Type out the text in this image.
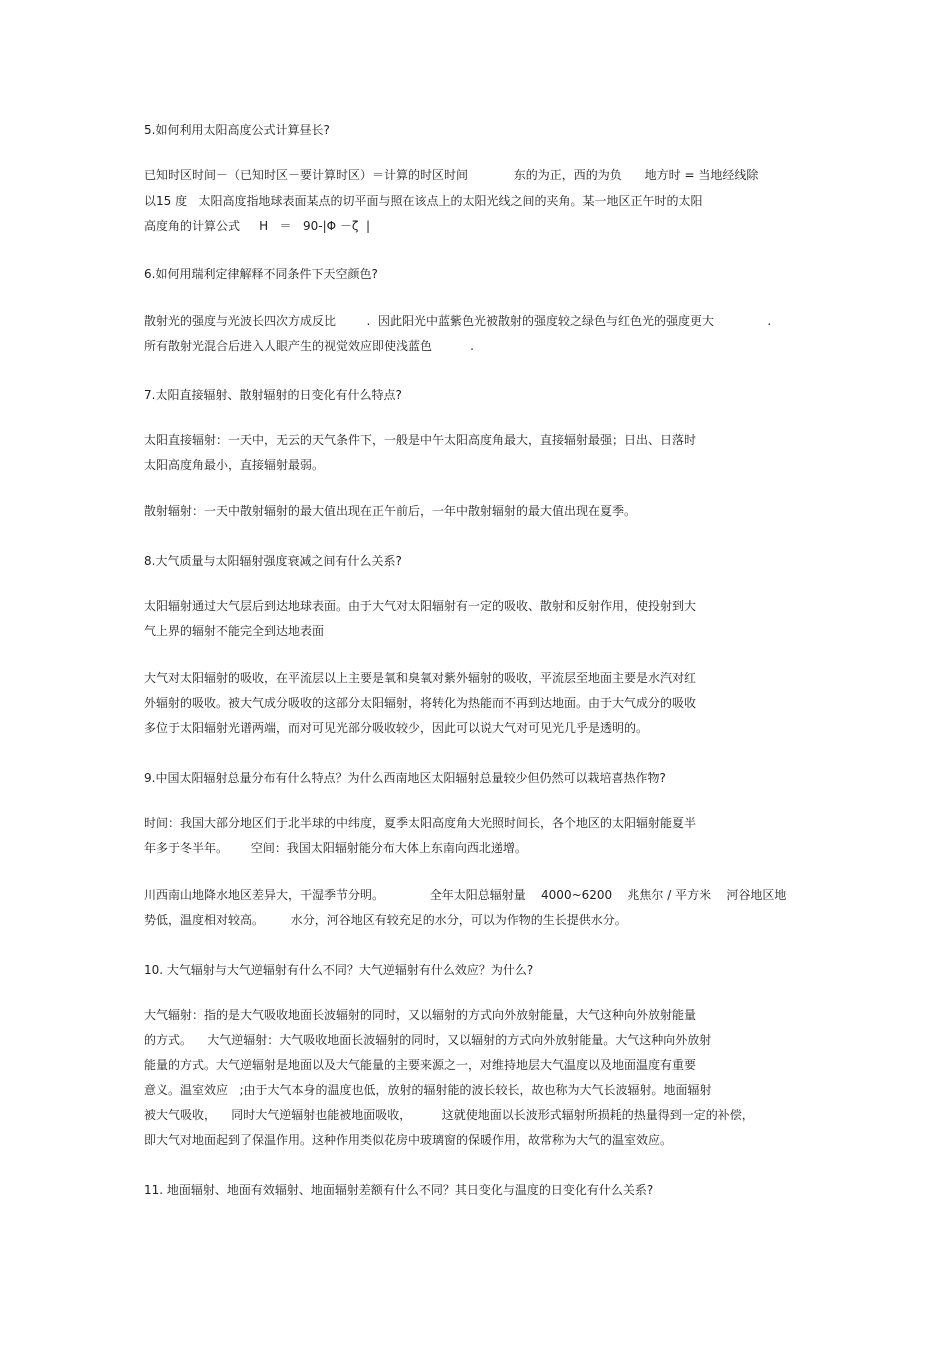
5.如何利用太阳高度公式计算昼长?
已知时区时间－（已知时区－要计算时区）＝计算的时区时间            东的为正，西的为负      地方时 = 当地经线除
以15 度   太阳高度指地球表面某点的切平面与照在该点上的太阳光线之间的夹角。某一地区正午时的太阳
高度角的计算公式     H   ＝   90-|Φ －ζ  |
6.如何用瑞利定律解释不同条件下天空颜色?
散射光的强度与光波长四次方成反比        .  因此阳光中蓝紫色光被散射的强度较之绿色与红色光的强度更大              .
所有散射光混合后进入人眼产生的视觉效应即使浅蓝色          .
7.太阳直接辐射、散射辐射的日变化有什么特点?
太阳直接辐射：一天中，无云的天气条件下，一般是中午太阳高度角最大，直接辐射最强；日出、日落时
太阳高度角最小，直接辐射最弱。
散射辐射：一天中散射辐射的最大值出现在正午前后，一年中散射辐射的最大值出现在夏季。
8.大气质量与太阳辐射强度衰减之间有什么关系?
太阳辐射通过大气层后到达地球表面。由于大气对太阳辐射有一定的吸收、散射和反射作用，使投射到大
气上界的辐射不能完全到达地表面
大气对太阳辐射的吸收，在平流层以上主要是氧和臭氧对紫外辐射的吸收，平流层至地面主要是水汽对红
外辐射的吸收。被大气成分吸收的这部分太阳辐射，将转化为热能而不再到达地面。由于大气成分的吸收
多位于太阳辐射光谱两端，而对可见光部分吸收较少，因此可以说大气对可见光几乎是透明的。
9.中国太阳辐射总量分布有什么特点？为什么西南地区太阳辐射总量较少但仍然可以栽培喜热作物?
时间：我国大部分地区们于北半球的中纬度，夏季太阳高度角大光照时间长，各个地区的太阳辐射能夏半
年多于冬半年。      空间：我国太阳辐射能分布大体上东南向西北递增。
川西南山地降水地区差异大，干湿季节分明。            全年太阳总辐射量    4000~6200    兆焦尔 / 平方米    河谷地区地
势低，温度相对较高。       水分，河谷地区有较充足的水分，可以为作物的生长提供水分。
10. 大气辐射与大气逆辐射有什么不同？大气逆辐射有什么效应？为什么?
大气辐射：指的是大气吸收地面长波辐射的同时，又以辐射的方式向外放射能量，大气这种向外放射能量
的方式。    大气逆辐射：大气吸收地面长波辐射的同时，又以辐射的方式向外放射能量。大气这种向外放射
能量的方式。大气逆辐射是地面以及大气能量的主要来源之一，对维持地层大气温度以及地面温度有重要
意义。温室效应   ;由于大气本身的温度也低，放射的辐射能的波长较长，故也称为大气长波辐射。地面辐射
被大气吸收，    同时大气逆辐射也能被地面吸收，        这就使地面以长波形式辐射所损耗的热量得到一定的补偿，
即大气对地面起到了保温作用。这种作用类似花房中玻璃窗的保暖作用，故常称为大气的温室效应。
11. 地面辐射、地面有效辐射、地面辐射差额有什么不同？其日变化与温度的日变化有什么关系?
